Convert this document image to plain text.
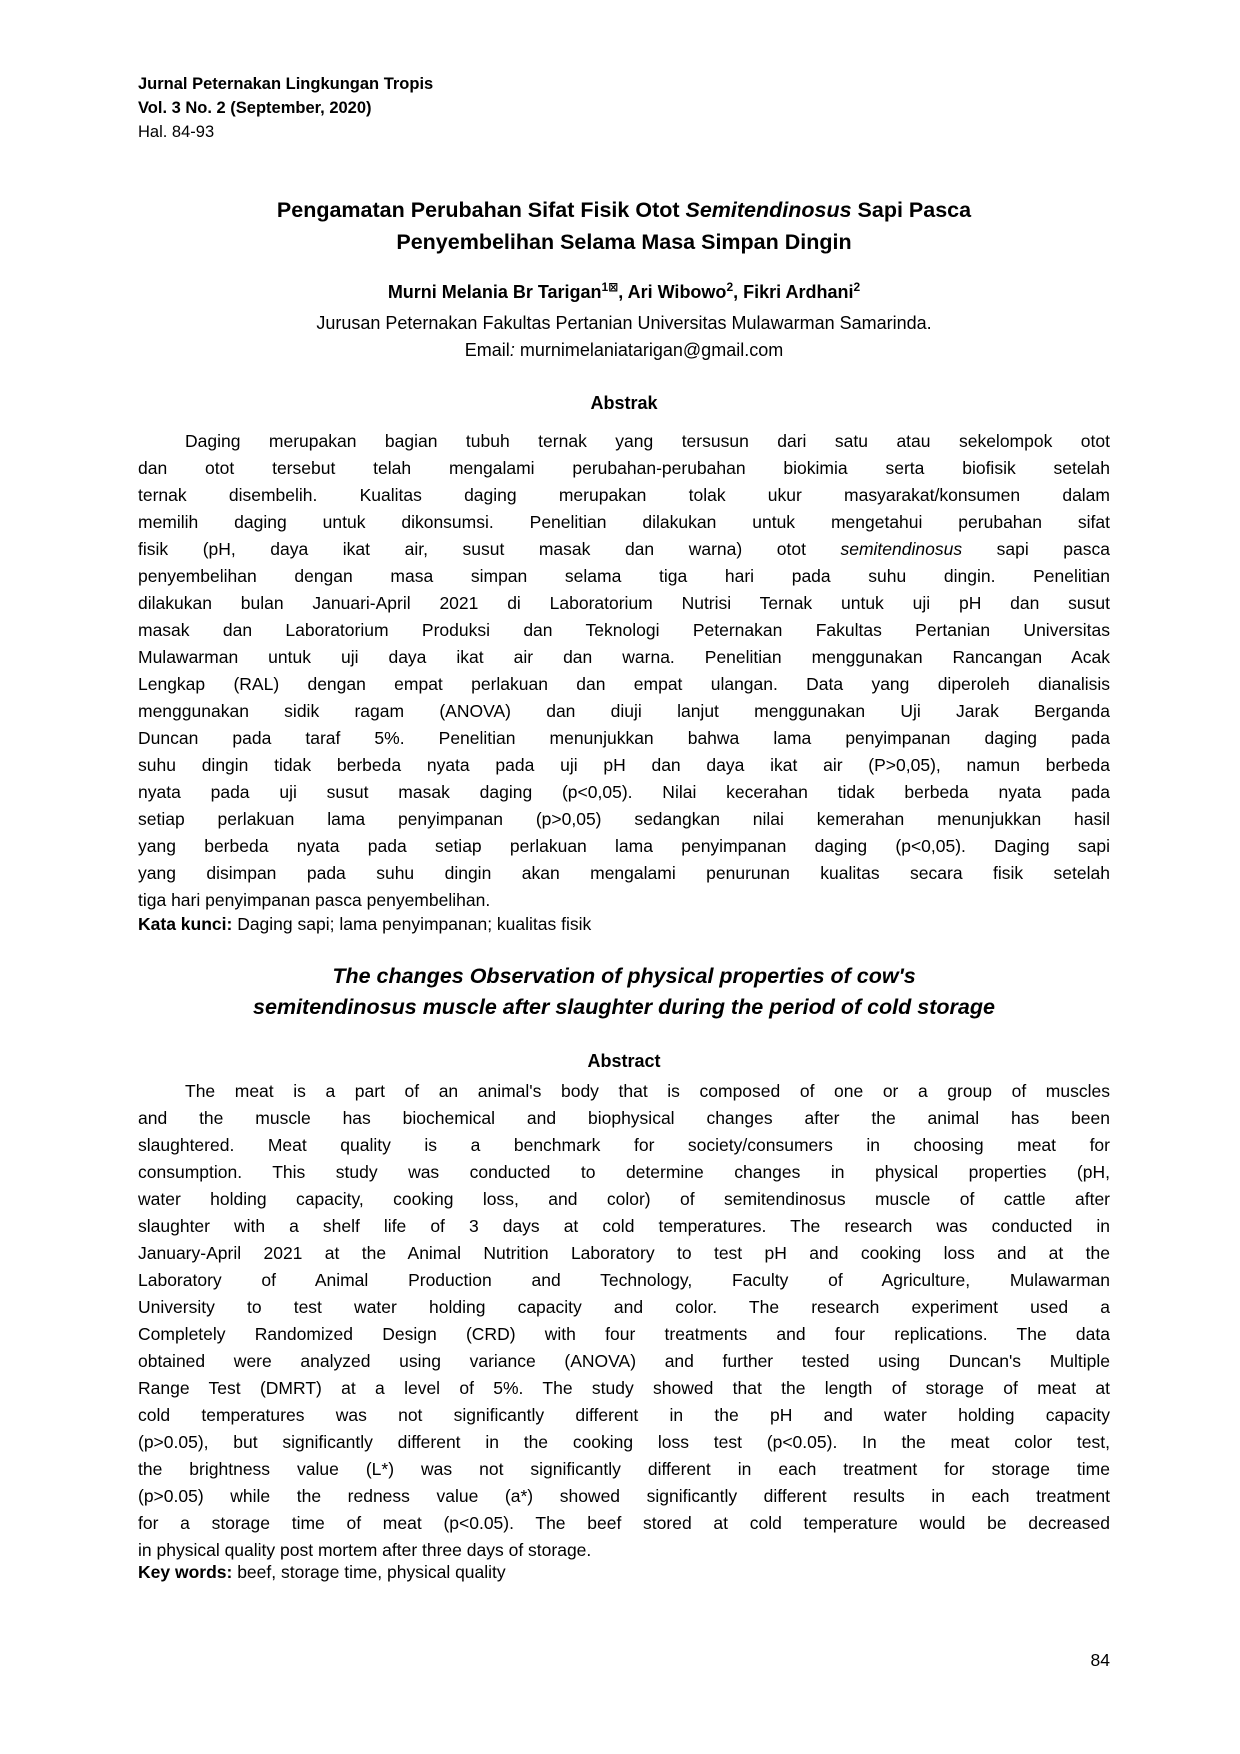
Jurnal Peternakan Lingkungan Tropis
Vol. 3 No. 2 (September, 2020)
Hal. 84-93
Pengamatan Perubahan Sifat Fisik Otot Semitendinosus Sapi Pasca
Penyembelihan Selama Masa Simpan Dingin
Murni Melania Br Tarigan$^{1⊠}$, Ari Wibowo$^2$, Fikri Ardhani$^2$
Jurusan Peternakan Fakultas Pertanian Universitas Mulawarman Samarinda.
Email: murnimelaniatarigan@gmail.com
Abstrak
Daging merupakan bagian tubuh ternak yang tersusun dari satu atau sekelompok otot
dan otot tersebut telah mengalami perubahan-perubahan biokimia serta biofisik setelah
ternak disembelih. Kualitas daging merupakan tolak ukur masyarakat/konsumen dalam
memilih daging untuk dikonsumsi. Penelitian dilakukan untuk mengetahui perubahan sifat
fisik (pH, daya ikat air, susut masak dan warna) otot semitendinosus sapi pasca
penyembelihan dengan masa simpan selama tiga hari pada suhu dingin. Penelitian
dilakukan bulan Januari-April 2021 di Laboratorium Nutrisi Ternak untuk uji pH dan susut
masak dan Laboratorium Produksi dan Teknologi Peternakan Fakultas Pertanian Universitas
Mulawarman untuk uji daya ikat air dan warna. Penelitian menggunakan Rancangan Acak
Lengkap (RAL) dengan empat perlakuan dan empat ulangan. Data yang diperoleh dianalisis
menggunakan sidik ragam (ANOVA) dan diuji lanjut menggunakan Uji Jarak Berganda
Duncan pada taraf 5%. Penelitian menunjukkan bahwa lama penyimpanan daging pada
suhu dingin tidak berbeda nyata pada uji pH dan daya ikat air (P>0,05), namun berbeda
nyata pada uji susut masak daging (p<0,05). Nilai kecerahan tidak berbeda nyata pada
setiap perlakuan lama penyimpanan (p>0,05) sedangkan nilai kemerahan menunjukkan hasil
yang berbeda nyata pada setiap perlakuan lama penyimpanan daging (p<0,05). Daging sapi
yang disimpan pada suhu dingin akan mengalami penurunan kualitas secara fisik setelah
tiga hari penyimpanan pasca penyembelihan.
Kata kunci: Daging sapi; lama penyimpanan; kualitas fisik
The changes Observation of physical properties of cow's
semitendinosus muscle after slaughter during the period of cold storage
Abstract
The meat is a part of an animal's body that is composed of one or a group of muscles
and the muscle has biochemical and biophysical changes after the animal has been
slaughtered. Meat quality is a benchmark for society/consumers in choosing meat for
consumption. This study was conducted to determine changes in physical properties (pH,
water holding capacity, cooking loss, and color) of semitendinosus muscle of cattle after
slaughter with a shelf life of 3 days at cold temperatures. The research was conducted in
January-April 2021 at the Animal Nutrition Laboratory to test pH and cooking loss and at the
Laboratory of Animal Production and Technology, Faculty of Agriculture, Mulawarman
University to test water holding capacity and color. The research experiment used a
Completely Randomized Design (CRD) with four treatments and four replications. The data
obtained were analyzed using variance (ANOVA) and further tested using Duncan's Multiple
Range Test (DMRT) at a level of 5%. The study showed that the length of storage of meat at
cold temperatures was not significantly different in the pH and water holding capacity
(p>0.05), but significantly different in the cooking loss test (p<0.05). In the meat color test,
the brightness value (L*) was not significantly different in each treatment for storage time
(p>0.05) while the redness value (a*) showed significantly different results in each treatment
for a storage time of meat (p<0.05). The beef stored at cold temperature would be decreased
in physical quality post mortem after three days of storage.
Key words: beef, storage time, physical quality
84
